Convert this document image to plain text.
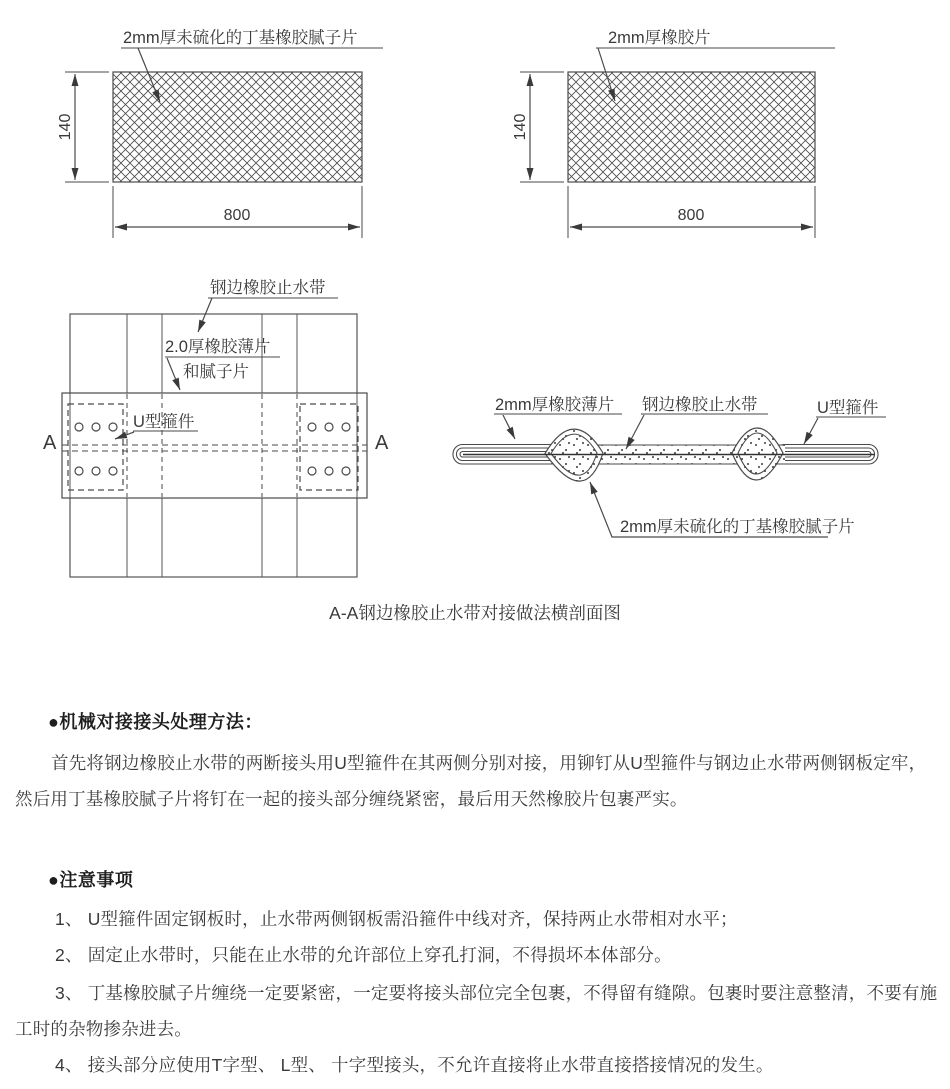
2mm厚未硫化的丁基橡胶腻子片
140
800
2mm厚橡胶片
140
800
A	A
钢边橡胶止水带
2.0厚橡胶薄片
和腻子片
U型箍件
2mm厚橡胶薄片 钢边橡胶止水带	U型箍件
2mm厚未硫化的丁基橡胶腻子片
A-A钢边橡胶止水带对接做法横剖面图
●机械对接接头处理方法：
首先将钢边橡胶止水带的两断接头用U型箍件在其两侧分别对接，用铆钉从U型箍件与钢边止水带两侧钢板定牢，
然后用丁基橡胶腻子片将钉在一起的接头部分缠绕紧密，最后用天然橡胶片包裹严实。
●注意事项
1、 U型箍件固定钢板时，止水带两侧钢板需沿箍件中线对齐，保持两止水带相对水平；
2、 固定止水带时，只能在止水带的允许部位上穿孔打洞，不得损坏本体部分。
3、 丁基橡胶腻子片缠绕一定要紧密，一定要将接头部位完全包裹，不得留有缝隙。包裹时要注意整清，不要有施
工时的杂物掺杂进去。
4、 接头部分应使用T字型、 L型、 十字型接头，不允许直接将止水带直接搭接情况的发生。
